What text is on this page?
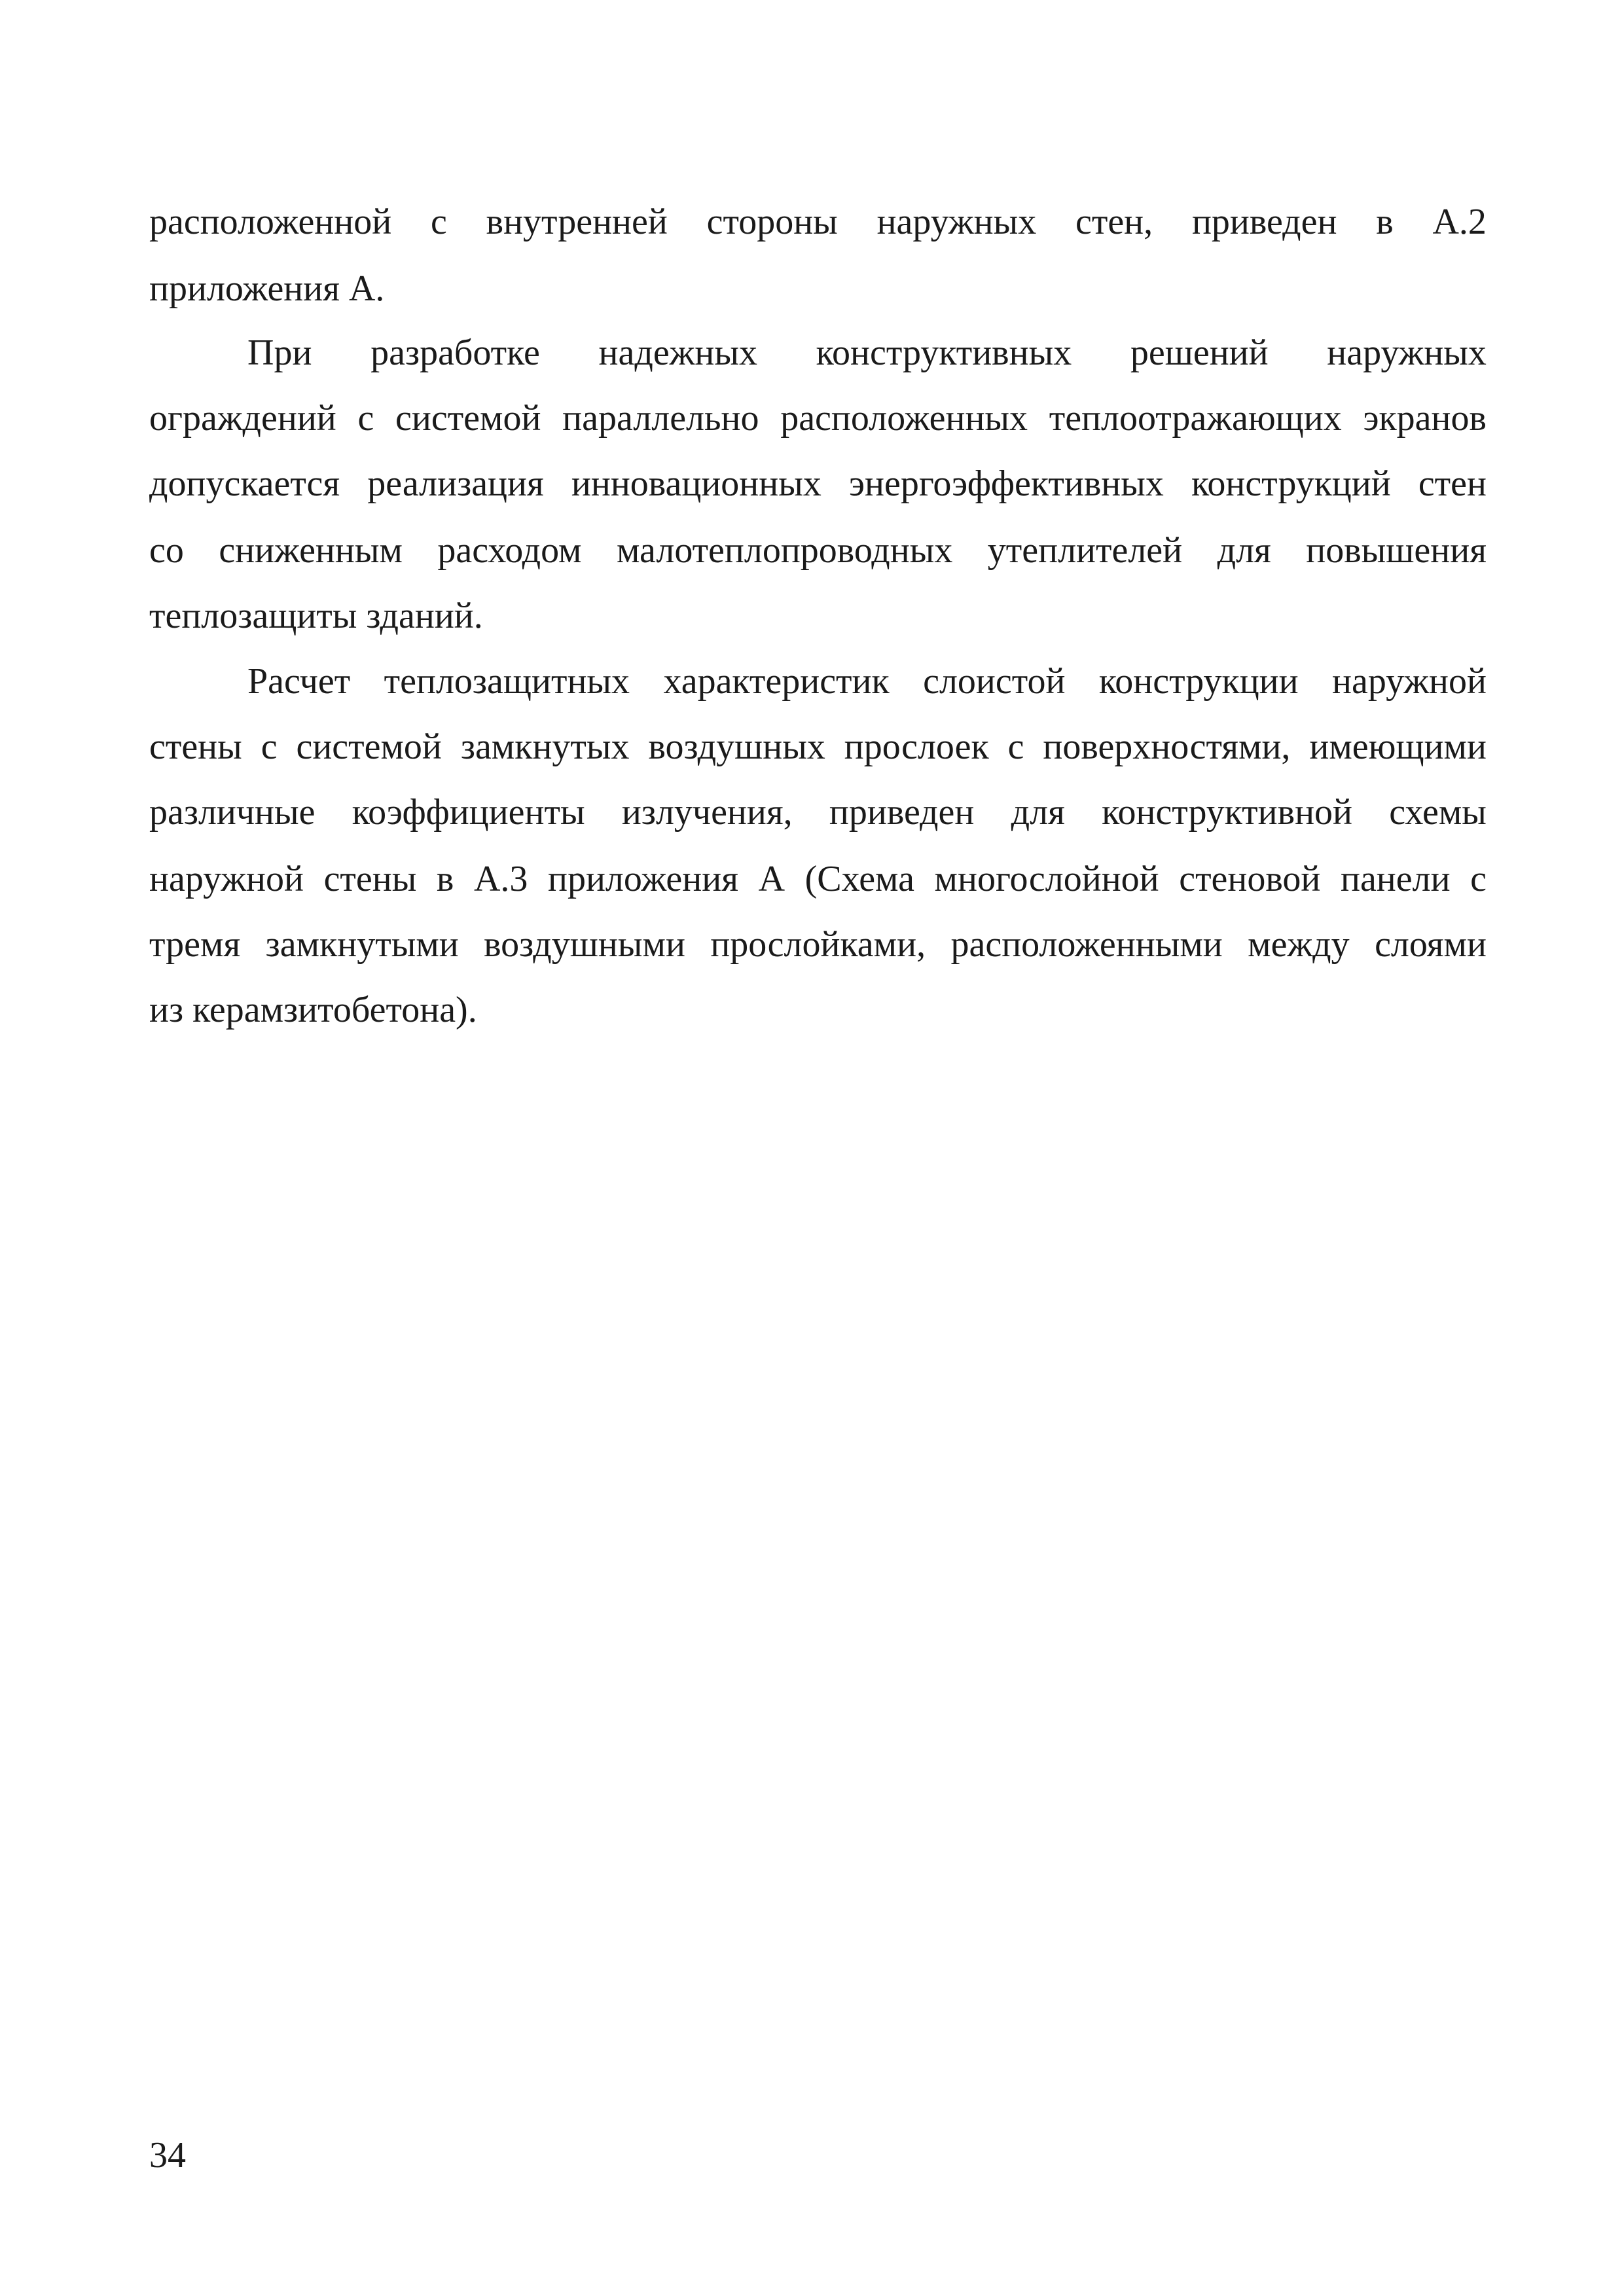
расположенной с внутренней стороны наружных стен, приведен в А.2
приложения А.
При разработке надежных конструктивных решений наружных
ограждений с системой параллельно расположенных теплоотражающих экранов
допускается реализация инновационных энергоэффективных конструкций стен
со сниженным расходом малотеплопроводных утеплителей для повышения
теплозащиты зданий.
Расчет теплозащитных характеристик слоистой конструкции наружной
стены с системой замкнутых воздушных прослоек с поверхностями, имеющими
различные коэффициенты излучения, приведен для конструктивной схемы
наружной стены в А.3 приложения А (Схема многослойной стеновой панели с
тремя замкнутыми воздушными прослойками, расположенными между слоями
из керамзитобетона).
34
